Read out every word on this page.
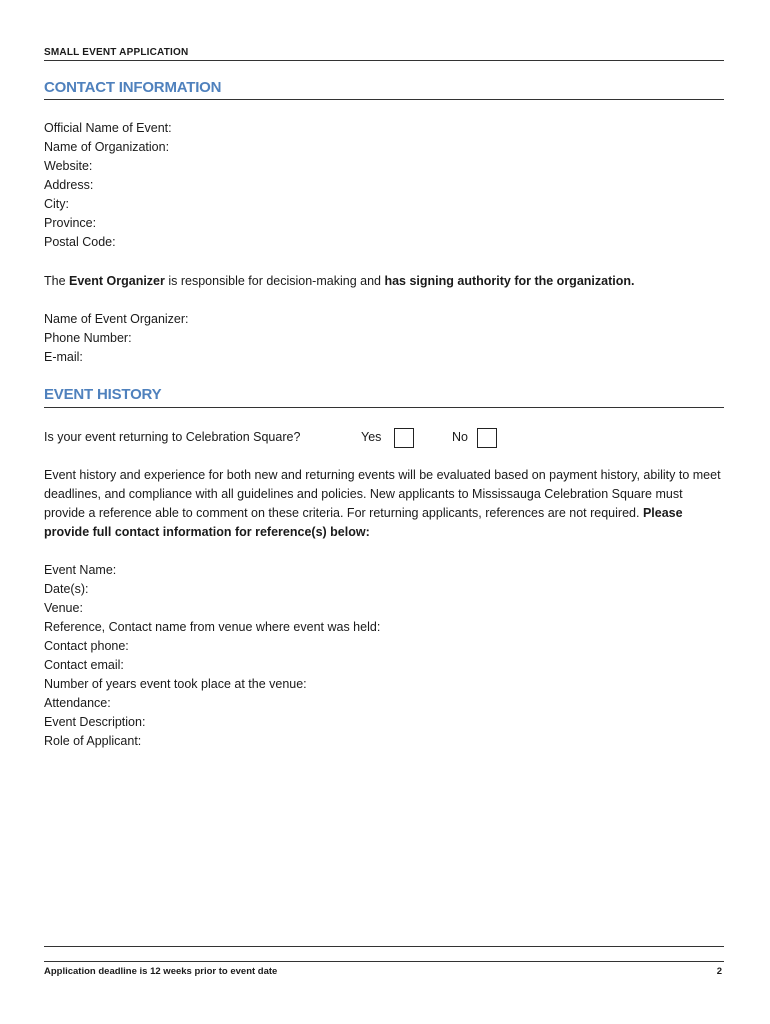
SMALL EVENT APPLICATION
CONTACT INFORMATION
Official Name of Event:
Name of Organization:
Website:
Address:
City:
Province:
Postal Code:
The Event Organizer is responsible for decision-making and has signing authority for the organization.
Name of Event Organizer:
Phone Number:
E-mail:
EVENT HISTORY
Is your event returning to Celebration Square?	Yes	No
Event history and experience for both new and returning events will be evaluated based on payment history, ability to meet deadlines, and compliance with all guidelines and policies. New applicants to Mississauga Celebration Square must provide a reference able to comment on these criteria. For returning applicants, references are not required. Please provide full contact information for reference(s) below:
Event Name:
Date(s):
Venue:
Reference, Contact name from venue where event was held:
Contact phone:
Contact email:
Number of years event took place at the venue:
Attendance:
Event Description:
Role of Applicant:
Application deadline is 12 weeks prior to event date	2
